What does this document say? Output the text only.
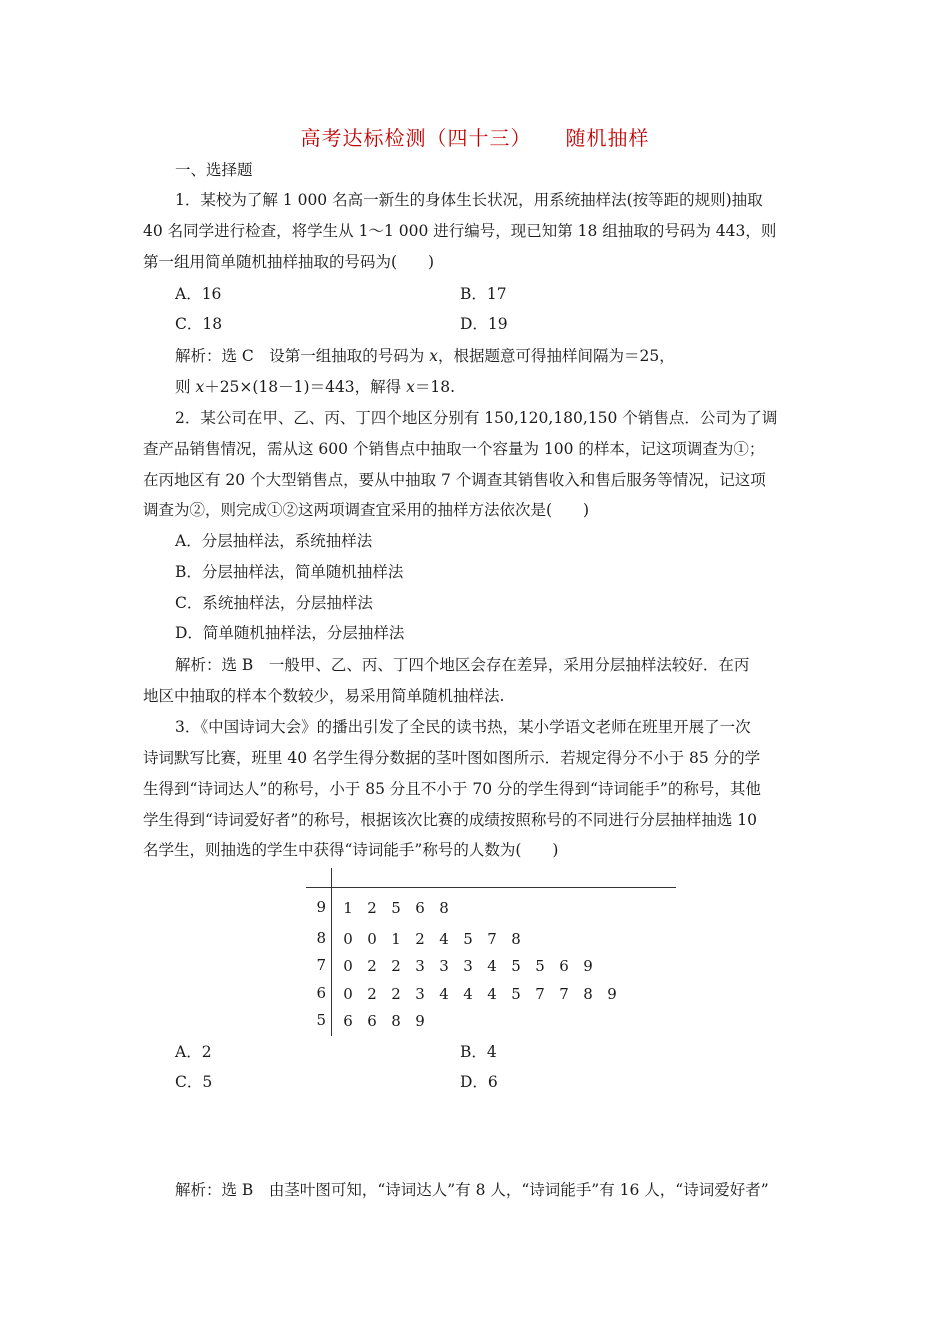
高考达标检测（四十三） 随机抽样
一、选择题
1．某校为了解 1 000 名高一新生的身体生长状况，用系统抽样法(按等距的规则)抽取
40 名同学进行检查，将学生从 1～1 000 进行编号，现已知第 18 组抽取的号码为 443，则
第一组用简单随机抽样抽取的号码为(　　)
A．16	B．17
C．18	D．19
解析：选 C　设第一组抽取的号码为 x，根据题意可得抽样间隔为＝25，
则 x＋25×(18－1)＝443，解得 x＝18.
2．某公司在甲、乙、丙、丁四个地区分别有 150,120,180,150 个销售点．公司为了调
查产品销售情况，需从这 600 个销售点中抽取一个容量为 100 的样本，记这项调查为①；
在丙地区有 20 个大型销售点，要从中抽取 7 个调查其销售收入和售后服务等情况，记这项
调查为②，则完成①②这两项调查宜采用的抽样方法依次是(　　)
A．分层抽样法，系统抽样法
B．分层抽样法，简单随机抽样法
C．系统抽样法，分层抽样法
D．简单随机抽样法，分层抽样法
解析：选 B　一般甲、乙、丙、丁四个地区会存在差异，采用分层抽样法较好．在丙
地区中抽取的样本个数较少，易采用简单随机抽样法.
3．《中国诗词大会》的播出引发了全民的读书热，某小学语文老师在班里开展了一次
诗词默写比赛，班里 40 名学生得分数据的茎叶图如图所示．若规定得分不小于 85 分的学
生得到“诗词达人”的称号，小于 85 分且不小于 70 分的学生得到“诗词能手”的称号，其他
学生得到“诗词爱好者”的称号，根据该次比赛的成绩按照称号的不同进行分层抽样抽选 10
名学生，则抽选的学生中获得“诗词能手”称号的人数为(　　)
9	1 2 5 6 8
8	0 0 1 2 4 5 7 8
7	0 2 2 3 3 3 4 5 5 6 9
6	0 2 2 3 4 4 4 5 7 7 8 9
5	6 6 8 9
A．2	B．4
C．5	D．6
解析：选 B　由茎叶图可知，“诗词达人”有 8 人，“诗词能手”有 16 人，“诗词爱好者”
